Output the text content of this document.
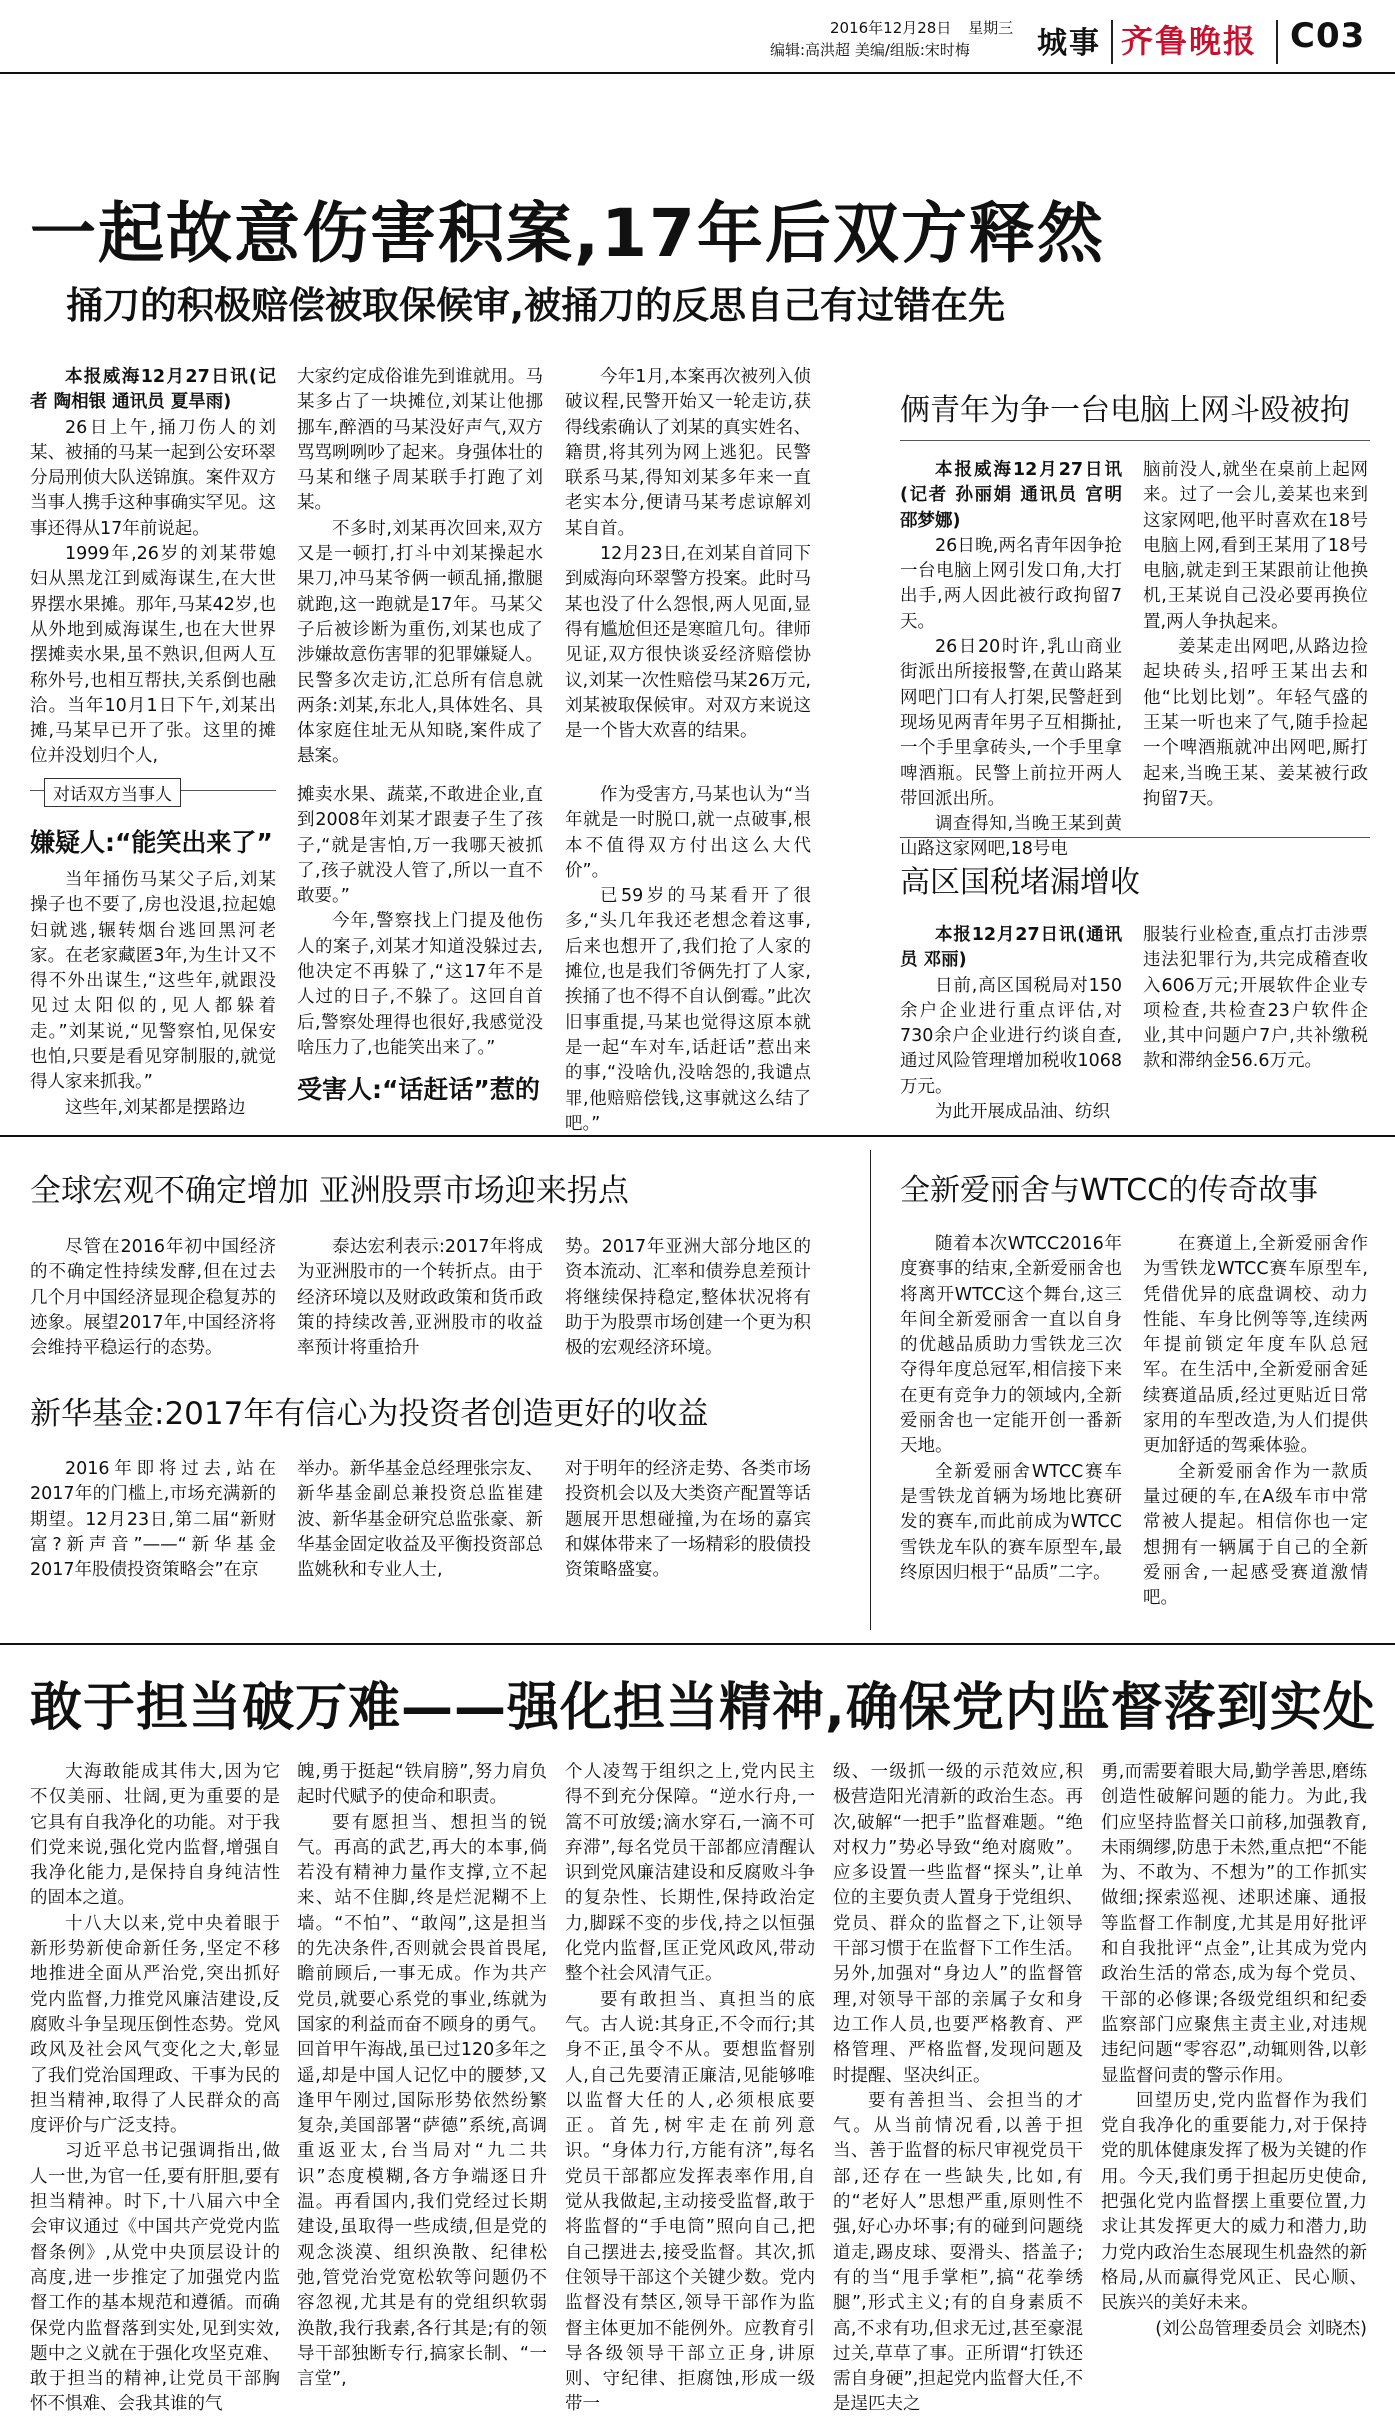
2016年12月28日 星期三
编辑:高洪超 美编/组版:宋时梅 城事 齐鲁晚报 C03
一起故意伤害积案,17年后双方释然
捅刀的积极赔偿被取保候审,被捅刀的反思自己有过错在先

本报威海12月27日讯(记者 陶相银 通讯员 夏旱雨)

26日上午,捅刀伤人的刘某、被捅的马某一起到公安环翠分局刑侦大队送锦旗。案件双方当事人携手这种事确实罕见。这事还得从17年前说起。

1999年,26岁的刘某带媳妇从黑龙江到威海谋生,在大世界摆水果摊。那年,马某42岁,也从外地到威海谋生,也在大世界摆摊卖水果,虽不熟识,但两人互称外号,也相互帮扶,关系倒也融洽。当年10月1日下午,刘某出摊,马某早已开了张。这里的摊位并没划归个人,

大家约定成俗谁先到谁就用。马某多占了一块摊位,刘某让他挪挪车,醉酒的马某没好声气,双方骂骂咧咧吵了起来。身强体壮的马某和继子周某联手打跑了刘某。

不多时,刘某再次回来,双方又是一顿打,打斗中刘某操起水果刀,冲马某爷俩一顿乱捅,撒腿就跑,这一跑就是17年。马某父子后被诊断为重伤,刘某也成了涉嫌故意伤害罪的犯罪嫌疑人。民警多次走访,汇总所有信息就两条:刘某,东北人,具体姓名、具体家庭住址无从知晓,案件成了悬案。

今年1月,本案再次被列入侦破议程,民警开始又一轮走访,获得线索确认了刘某的真实姓名、籍贯,将其列为网上逃犯。民警联系马某,得知刘某多年来一直老实本分,便请马某考虑谅解刘某自首。

12月23日,在刘某自首同下到威海向环翠警方投案。此时马某也没了什么怨恨,两人见面,显得有尴尬但还是寒暄几句。律师见证,双方很快谈妥经济赔偿协议,刘某一次性赔偿马某26万元,刘某被取保候审。对双方来说这是一个皆大欢喜的结果。

对话双方当事人
嫌疑人:“能笑出来了”

当年捅伤马某父子后,刘某操子也不要了,房也没退,拉起媳妇就逃,辗转烟台逃回黑河老家。在老家藏匿3年,为生计又不得不外出谋生,“这些年,就跟没见过太阳似的,见人都躲着走。”刘某说,“见警察怕,见保安也怕,只要是看见穿制服的,就觉得人家来抓我。”

这些年,刘某都是摆路边

摊卖水果、蔬菜,不敢进企业,直到2008年刘某才跟妻子生了孩子,“就是害怕,万一我哪天被抓了,孩子就没人管了,所以一直不敢要。”

今年,警察找上门提及他伤人的案子,刘某才知道没躲过去,他决定不再躲了,“这17年不是人过的日子,不躲了。这回自首后,警察处理得也很好,我感觉没啥压力了,也能笑出来了。”

受害人:“话赶话”惹的

作为受害方,马某也认为“当年就是一时脱口,就一点破事,根本不值得双方付出这么大代价”。

已59岁的马某看开了很多,“头几年我还老想念着这事,后来也想开了,我们抢了人家的摊位,也是我们爷俩先打了人家,挨捅了也不得不自认倒霉。”此次旧事重提,马某也觉得这原本就是一起“车对车,话赶话”惹出来的事,“没啥仇,没啥怨的,我谴点罪,他赔赔偿钱,这事就这么结了吧。”

俩青年为争一台电脑上网斗殴被拘

本报威海12月27日讯(记者 孙丽娟 通讯员 宫明 邵梦娜)

26日晚,两名青年因争抢一台电脑上网引发口角,大打出手,两人因此被行政拘留7天。

26日20时许,乳山商业街派出所接报警,在黄山路某网吧门口有人打架,民警赶到现场见两青年男子互相撕扯,一个手里拿砖头,一个手里拿啤酒瓶。民警上前拉开两人带回派出所。

调查得知,当晚王某到黄山路这家网吧,18号电

脑前没人,就坐在桌前上起网来。过了一会儿,姜某也来到这家网吧,他平时喜欢在18号电脑上网,看到王某用了18号电脑,就走到王某跟前让他换机,王某说自己没必要再换位置,两人争执起来。

姜某走出网吧,从路边捡起块砖头,招呼王某出去和他“比划比划”。年轻气盛的王某一听也来了气,随手捡起一个啤酒瓶就冲出网吧,厮打起来,当晚王某、姜某被行政拘留7天。

高区国税堵漏增收

本报12月27日讯(通讯员 邓丽)

日前,高区国税局对150余户企业进行重点评估,对730余户企业进行约谈自查,通过风险管理增加税收1068万元。

为此开展成品油、纺织

服装行业检查,重点打击涉票违法犯罪行为,共完成稽查收入606万元;开展软件企业专项检查,共检查23户软件企业,其中问题户7户,共补缴税款和滞纳金56.6万元。

全球宏观不确定增加 亚洲股票市场迎来拐点

尽管在2016年初中国经济的不确定性持续发酵,但在过去几个月中国经济显现企稳复苏的迹象。展望2017年,中国经济将会维持平稳运行的态势。

泰达宏利表示:2017年将成为亚洲股市的一个转折点。由于经济环境以及财政政策和货币政策的持续改善,亚洲股市的收益率预计将重拾升

势。2017年亚洲大部分地区的资本流动、汇率和债券息差预计将继续保持稳定,整体状况将有助于为股票市场创建一个更为积极的宏观经济环境。

新华基金:2017年有信心为投资者创造更好的收益

2016年即将过去,站在2017年的门槛上,市场充满新的期望。12月23日,第二届“新财富?新声音”——“新华基金2017年股债投资策略会”在京

举办。新华基金总经理张宗友、新华基金副总兼投资总监崔建波、新华基金研究总监张豪、新华基金固定收益及平衡投资部总监姚秋和专业人士,

对于明年的经济走势、各类市场投资机会以及大类资产配置等话题展开思想碰撞,为在场的嘉宾和媒体带来了一场精彩的股债投资策略盛宴。

全新爱丽舍与WTCC的传奇故事

随着本次WTCC2016年度赛事的结束,全新爱丽舍也将离开WTCC这个舞台,这三年间全新爱丽舍一直以自身的优越品质助力雪铁龙三次夺得年度总冠军,相信接下来在更有竞争力的领域内,全新爱丽舍也一定能开创一番新天地。

全新爱丽舍WTCC赛车是雪铁龙首辆为场地比赛研发的赛车,而此前成为WTCC雪铁龙车队的赛车原型车,最终原因归根于“品质”二字。

在赛道上,全新爱丽舍作为雪铁龙WTCC赛车原型车,凭借优异的底盘调校、动力性能、车身比例等等,连续两年提前锁定年度车队总冠军。在生活中,全新爱丽舍延续赛道品质,经过更贴近日常家用的车型改造,为人们提供更加舒适的驾乘体验。

全新爱丽舍作为一款质量过硬的车,在A级车市中常常被人提起。相信你也一定想拥有一辆属于自己的全新爱丽舍,一起感受赛道激情吧。

敢于担当破万难——强化担当精神,确保党内监督落到实处

大海敢能成其伟大,因为它不仅美丽、壮阔,更为重要的是它具有自我净化的功能。对于我们党来说,强化党内监督,增强自我净化能力,是保持自身纯洁性的固本之道。

十八大以来,党中央着眼于新形势新使命新任务,坚定不移地推进全面从严治党,突出抓好党内监督,力推党风廉洁建设,反腐败斗争呈现压倒性态势。党风政风及社会风气变化之大,彰显了我们党治国理政、干事为民的担当精神,取得了人民群众的高度评价与广泛支持。

习近平总书记强调指出,做人一世,为官一任,要有肝胆,要有担当精神。时下,十八届六中全会审议通过《中国共产党党内监督条例》,从党中央顶层设计的高度,进一步推定了加强党内监督工作的基本规范和遵循。而确保党内监督落到实处,见到实效,题中之义就在于强化攻坚克难、敢于担当的精神,让党员干部胸怀不惧难、会我其谁的气

魄,勇于挺起“铁肩膀”,努力肩负起时代赋予的使命和职责。

要有愿担当、想担当的锐气。再高的武艺,再大的本事,倘若没有精神力量作支撑,立不起来、站不住脚,终是烂泥糊不上墙。“不怕”、“敢闯”,这是担当的先决条件,否则就会畏首畏尾,瞻前顾后,一事无成。作为共产党员,就要心系党的事业,练就为国家的利益而奋不顾身的勇气。回首甲午海战,虽已过120多年之遥,却是中国人记忆中的腰梦,又逢甲午刚过,国际形势依然纷繁复杂,美国部署“萨德”系统,高调重返亚太,台当局对“九二共识”态度模糊,各方争端逐日升温。再看国内,我们党经过长期建设,虽取得一些成绩,但是党的观念淡漠、组织涣散、纪律松弛,管党治党宽松软等问题仍不容忽视,尤其是有的党组织软弱涣散,我行我素,各行其是;有的领导干部独断专行,搞家长制、“一言堂”,

个人凌驾于组织之上,党内民主得不到充分保障。“逆水行舟,一篙不可放缓;滴水穿石,一滴不可弃滞”,每名党员干部都应清醒认识到党风廉洁建设和反腐败斗争的复杂性、长期性,保持政治定力,脚踩不变的步伐,持之以恒强化党内监督,匡正党风政风,带动整个社会风清气正。

要有敢担当、真担当的底气。古人说:其身正,不令而行;其身不正,虽令不从。要想监督别人,自己先要清正廉洁,见能够唯以监督大任的人,必须根底要正。首先,树牢走在前列意识。“身体力行,方能有济”,每名党员干部都应发挥表率作用,自觉从我做起,主动接受监督,敢于将监督的“手电筒”照向自己,把自己摆进去,接受监督。其次,抓住领导干部这个关键少数。党内监督没有禁区,领导干部作为监督主体更加不能例外。应教育引导各级领导干部立正身,讲原则、守纪律、拒腐蚀,形成一级带一

级、一级抓一级的示范效应,积极营造阳光清新的政治生态。再次,破解“一把手”监督难题。“绝对权力”势必导致“绝对腐败”。应多设置一些监督“探头”,让单位的主要负责人置身于党组织、党员、群众的监督之下,让领导干部习惯于在监督下工作生活。另外,加强对“身边人”的监督管理,对领导干部的亲属子女和身边工作人员,也要严格教育、严格管理、严格监督,发现问题及时提醒、坚决纠正。

要有善担当、会担当的才气。从当前情况看,以善于担当、善于监督的标尺审视党员干部,还存在一些缺失,比如,有的“老好人”思想严重,原则性不强,好心办坏事;有的碰到问题绕道走,踢皮球、耍滑头、搭盖子;有的当“甩手掌柜”,搞“花拳绣腿”,形式主义;有的自身素质不高,不求有功,但求无过,甚至豪混过关,草草了事。正所谓“打铁还需自身硬”,担起党内监督大任,不是逞匹夫之

勇,而需要着眼大局,勤学善思,磨练创造性破解问题的能力。为此,我们应坚持监督关口前移,加强教育,未雨绸缪,防患于未然,重点把“不能为、不敢为、不想为”的工作抓实做细;探索巡视、述职述廉、通报等监督工作制度,尤其是用好批评和自我批评“点金”,让其成为党内政治生活的常态,成为每个党员、干部的必修课;各级党组织和纪委监察部门应聚焦主责主业,对违规违纪问题“零容忍”,动辄则咎,以彰显监督问责的警示作用。

回望历史,党内监督作为我们党自我净化的重要能力,对于保持党的肌体健康发挥了极为关键的作用。今天,我们勇于担起历史使命,把强化党内监督摆上重要位置,力求让其发挥更大的威力和潜力,助力党内政治生态展现生机盎然的新格局,从而赢得党风正、民心顺、民族兴的美好未来。

(刘公岛管理委员会 刘晓杰)
